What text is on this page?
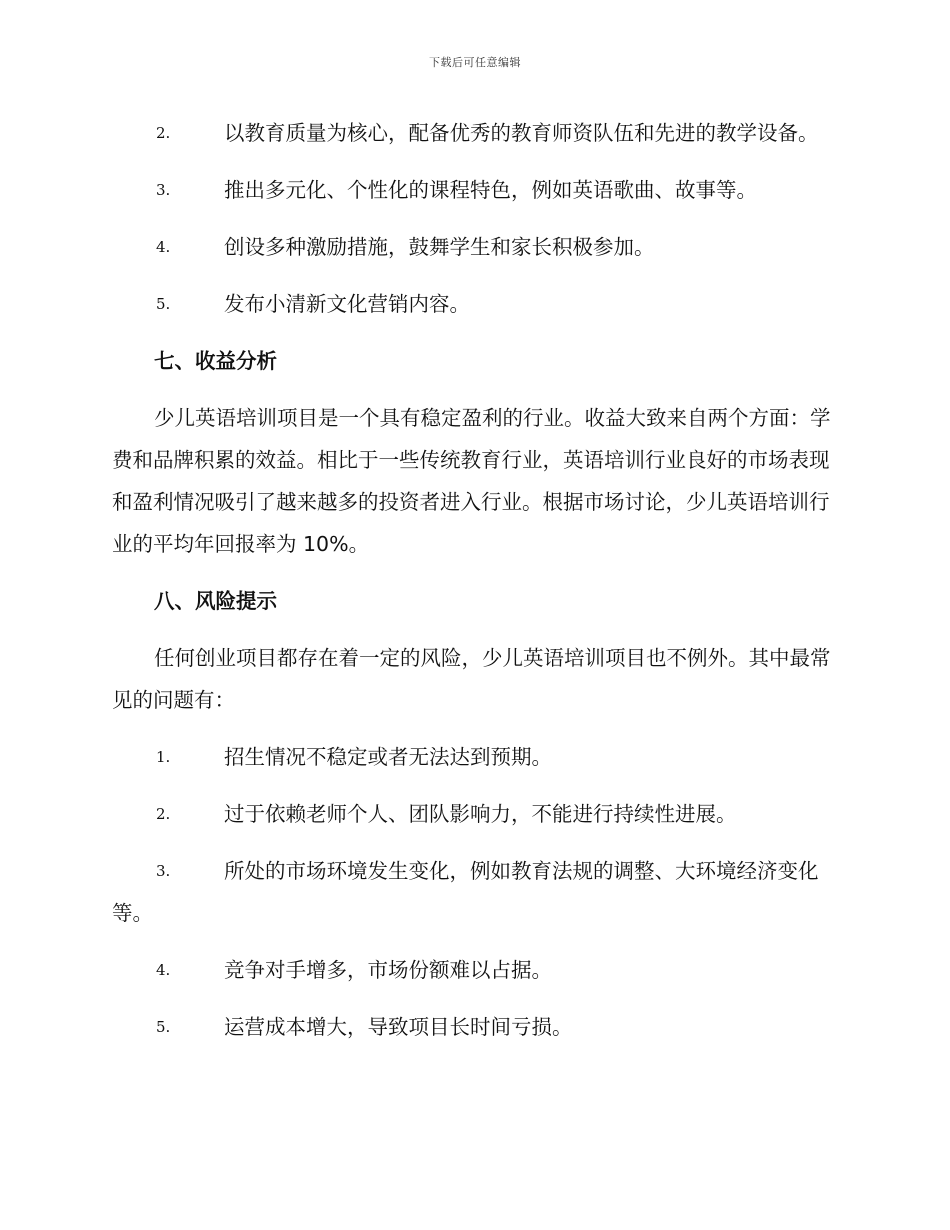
下载后可任意编辑
2.	以教育质量为核心，配备优秀的教育师资队伍和先进的教学设备。
3.	推出多元化、个性化的课程特色，例如英语歌曲、故事等。
4.	创设多种激励措施，鼓舞学生和家长积极参加。
5.	发布小清新文化营销内容。
七、收益分析
少儿英语培训项目是一个具有稳定盈利的行业。收益大致来自两个方面：学费和品牌积累的效益。相比于一些传统教育行业，英语培训行业良好的市场表现和盈利情况吸引了越来越多的投资者进入行业。根据市场讨论，少儿英语培训行业的平均年回报率为 10%。
八、风险提示
任何创业项目都存在着一定的风险，少儿英语培训项目也不例外。其中最常见的问题有：
1.	招生情况不稳定或者无法达到预期。
2.	过于依赖老师个人、团队影响力，不能进行持续性进展。
3.	所处的市场环境发生变化，例如教育法规的调整、大环境经济变化等。
4.	竞争对手增多，市场份额难以占据。
5.	运营成本增大，导致项目长时间亏损。
